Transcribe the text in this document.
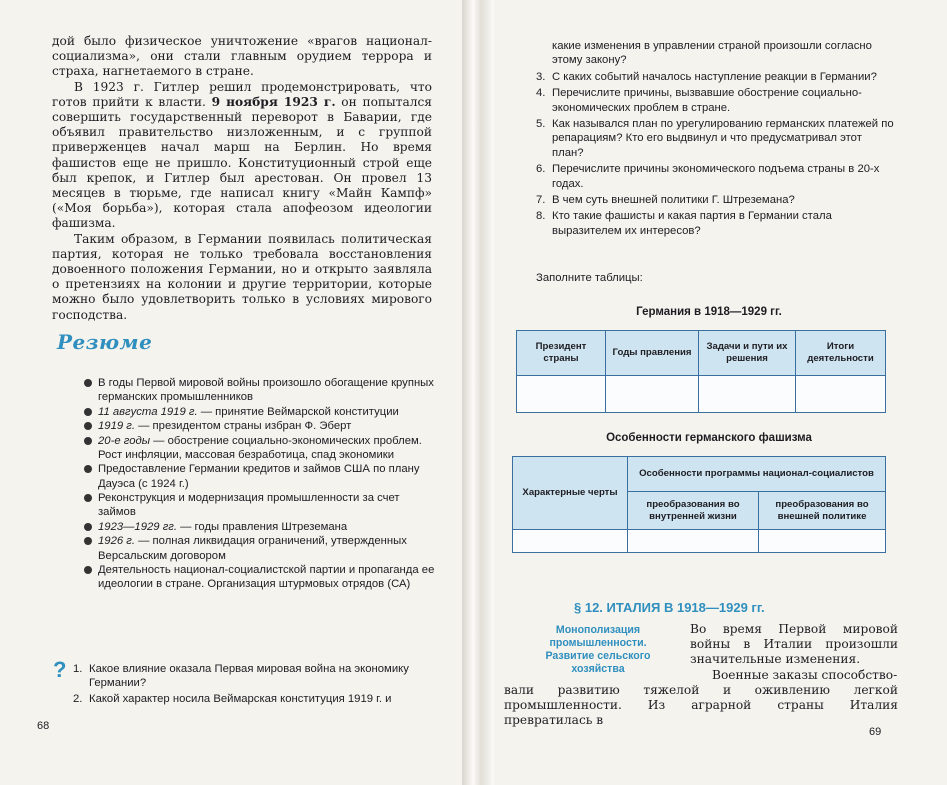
дой было физическое уничтожение «врагов национал-социализма», они стали главным орудием террора и страха, нагнетаемого в стране.

В 1923 г. Гитлер решил продемонстрировать, что готов прийти к власти. 9 ноября 1923 г. он попытался совершить государственный переворот в Баварии, где объявил правительство низложенным, и с группой приверженцев начал марш на Берлин. Но время фашистов еще не пришло. Конституционный строй еще был крепок, и Гитлер был арестован. Он провел 13 месяцев в тюрьме, где написал книгу «Майн Кампф» («Моя борьба»), которая стала апофеозом идеологии фашизма.

Таким образом, в Германии появилась политическая партия, которая не только требовала восстановления довоенного положения Германии, но и открыто заявляла о претензиях на колонии и другие территории, которые можно было удовлетворить только в условиях мирового господства.

Резюме
В годы Первой мировой войны произошло обогащение крупных германских промышленников
11 августа 1919 г. — принятие Веймарской конституции
1919 г. — президентом страны избран Ф. Эберт
20-е годы — обострение социально-экономических проблем. Рост инфляции, массовая безработица, спад экономики
Предоставление Германии кредитов и займов США по плану Дауэса (с 1924 г.)
Реконструкция и модернизация промышленности за счет займов
1923—1929 гг. — годы правления Штреземана
1926 г. — полная ликвидация ограничений, утвержденных Версальским договором
Деятельность национал-социалистской партии и пропаганда ее идеологии в стране. Организация штурмовых отрядов (СА)
? 1. Какое влияние оказала Первая мировая война на экономику Германии?
2. Какой характер носила Веймарская конституция 1919 г. и
68
какие изменения в управлении страной произошли согласно этому закону?
3. С каких событий началось наступление реакции в Германии?
4. Перечислите причины, вызвавшие обострение социально-экономических проблем в стране.
5. Как назывался план по урегулированию германских платежей по репарациям? Кто его выдвинул и что предусматривал этот план?
6. Перечислите причины экономического подъема страны в 20-х годах.
7. В чем суть внешней политики Г. Штреземана?
8. Кто такие фашисты и какая партия в Германии стала выразителем их интересов?
Заполните таблицы:
Германия в 1918—1929 гг.
Президент страны	Годы правления	Задачи и пути их решения	Итоги деятельности

Особенности германского фашизма
Характерные черты	Особенности программы национал-социалистов	
	преобразования во внутренней жизни	преобразования во внешней политике

§ 12. ИТАЛИЯ В 1918—1929 гг.
Монополизация промышленности. Развитие сельского хозяйства

Во время Первой мировой войны в Италии произошли значительные изменения.

Военные заказы способство-

вали развитию тяжелой и оживлению легкой промышленности. Из аграрной страны Италия превратилась в

69
